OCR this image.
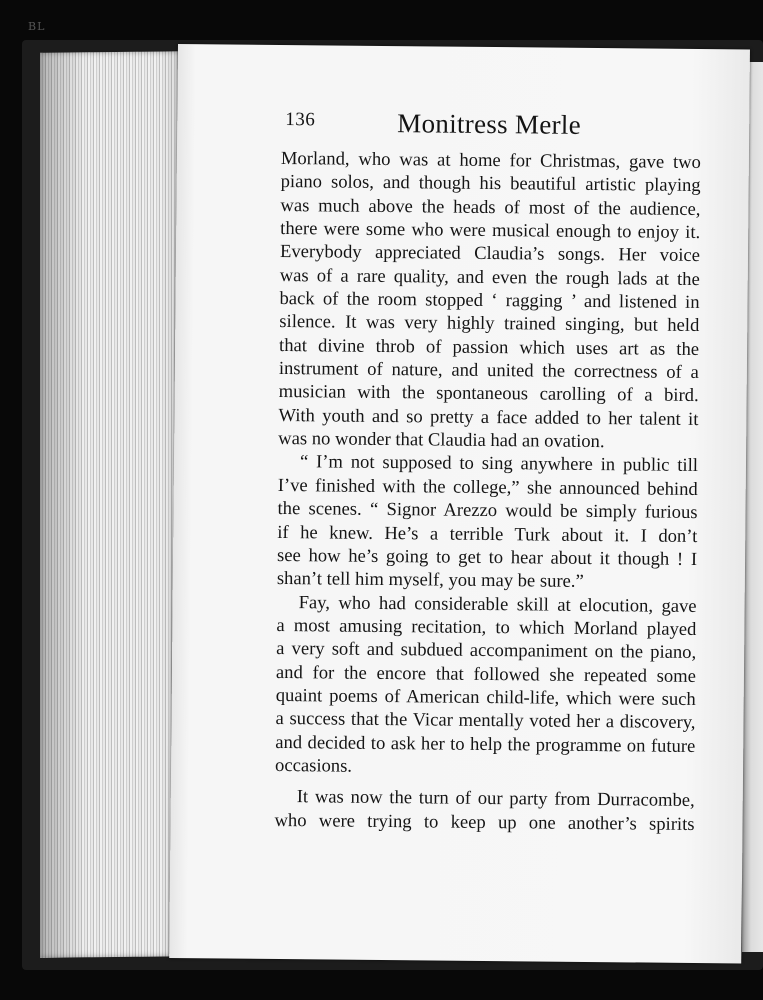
BL
136	Monitress Merle
Morland, who was at home for Christmas, gave two
piano solos, and though his beautiful artistic playing
was much above the heads of most of the audience,
there were some who were musical enough to enjoy it.
Everybody appreciated Claudia’s songs. Her voice
was of a rare quality, and even the rough lads at the
back of the room stopped ‘ ragging ’ and listened in
silence. It was very highly trained singing, but held
that divine throb of passion which uses art as the
instrument of nature, and united the correctness of a
musician with the spontaneous carolling of a bird.
With youth and so pretty a face added to her talent it
was no wonder that Claudia had an ovation.
“ I’m not supposed to sing anywhere in public till
I’ve finished with the college,” she announced behind
the scenes. “ Signor Arezzo would be simply furious
if he knew. He’s a terrible Turk about it. I don’t
see how he’s going to get to hear about it though ! I
shan’t tell him myself, you may be sure.”
Fay, who had considerable skill at elocution, gave
a most amusing recitation, to which Morland played
a very soft and subdued accompaniment on the piano,
and for the encore that followed she repeated some
quaint poems of American child-life, which were such
a success that the Vicar mentally voted her a discovery,
and decided to ask her to help the programme on future
occasions.
It was now the turn of our party from Durracombe,
who were trying to keep up one another’s spirits
